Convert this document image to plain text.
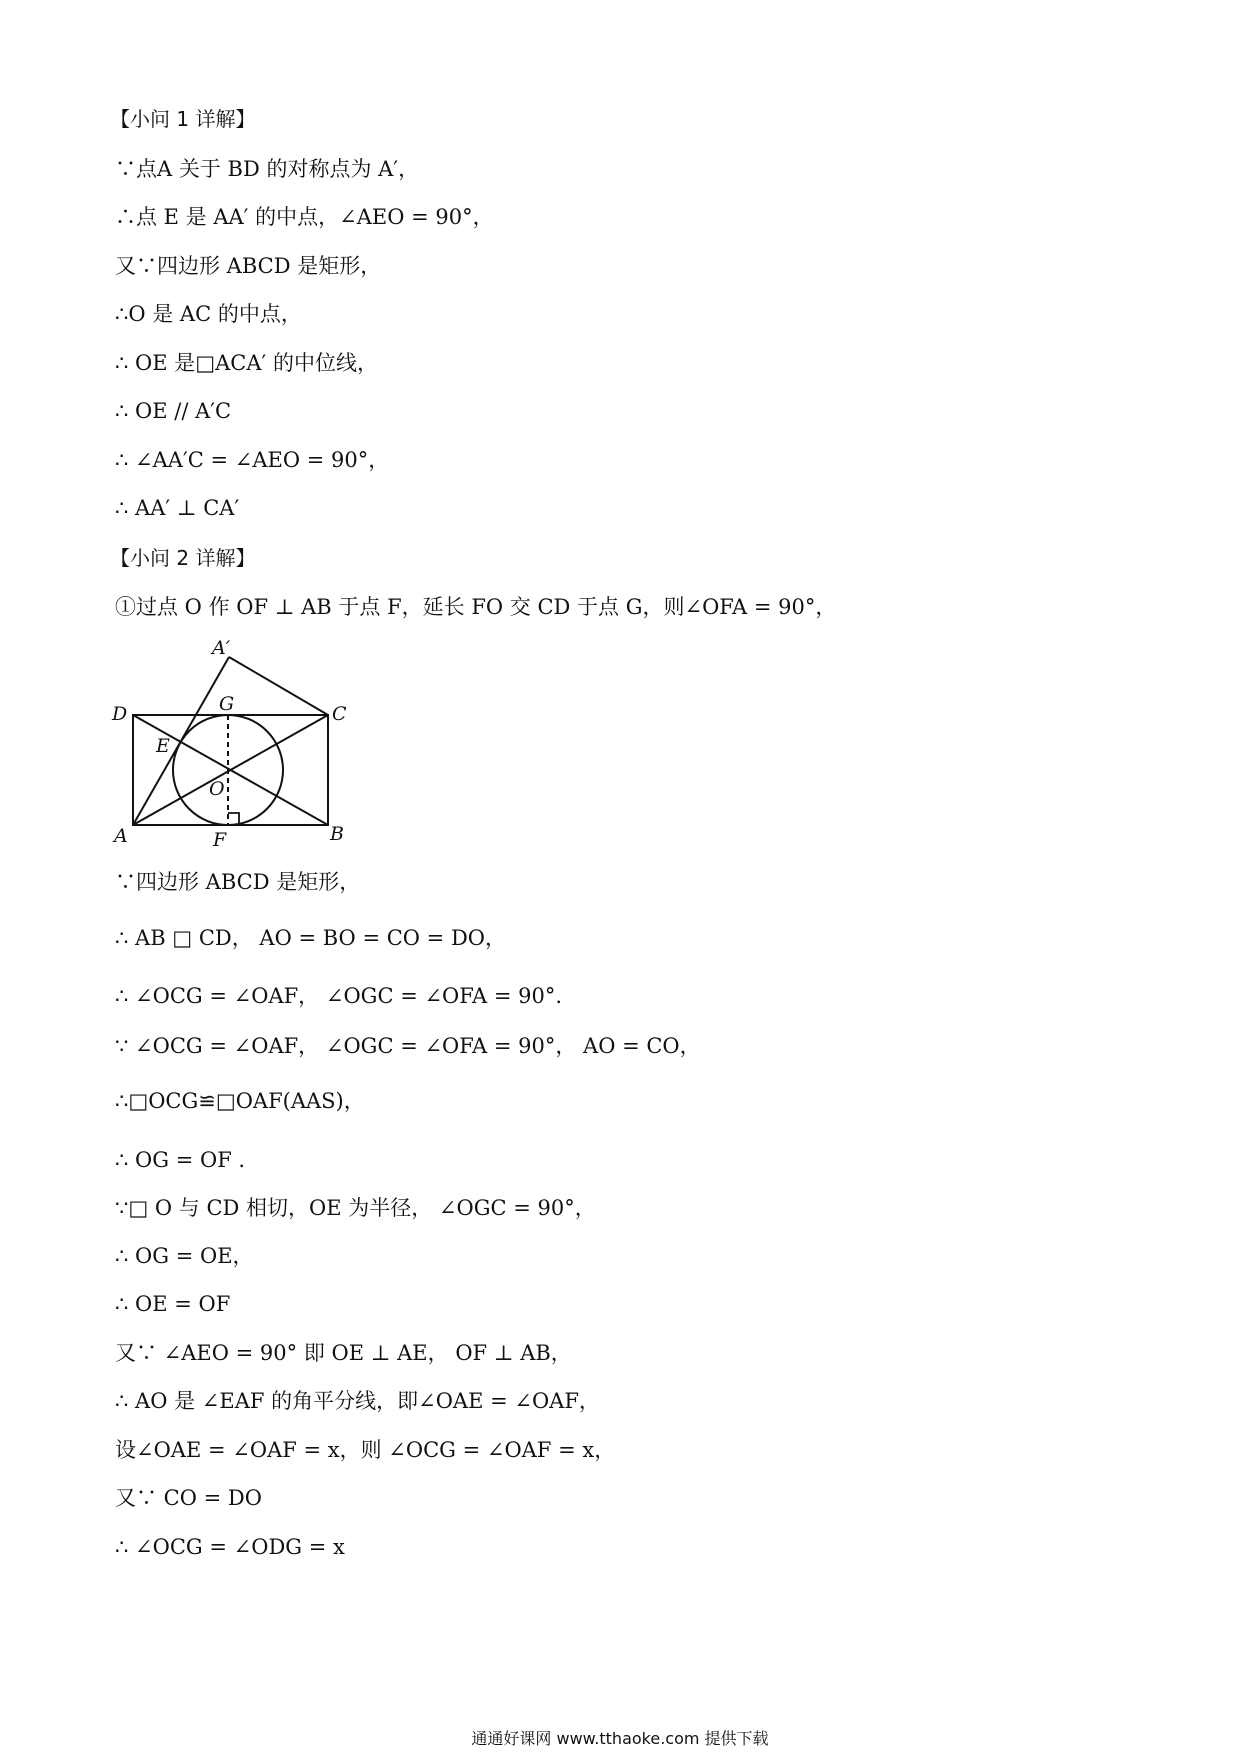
【小问 1 详解】
∵点A 关于 BD 的对称点为 A′，
∴点 E 是 AA′ 的中点，∠AEO = 90°，
又∵四边形 ABCD 是矩形，
∴O 是 AC 的中点，
∴ OE 是□ACA′ 的中位线，
∴ OE // A′C
∴ ∠AA′C = ∠AEO = 90°，
∴ AA′ ⊥ CA′
【小问 2 详解】
①过点 O 作 OF ⊥ AB 于点 F，延长 FO 交 CD 于点 G，则∠OFA = 90°，
A′
D	G	C
E
O
A	F	B
∵四边形 ABCD 是矩形，
∴ AB □ CD， AO = BO = CO = DO，
∴ ∠OCG = ∠OAF， ∠OGC = ∠OFA = 90°.
∵ ∠OCG = ∠OAF， ∠OGC = ∠OFA = 90°， AO = CO，
∴□OCG≌□OAF(AAS)，
∴ OG = OF .
∵□ O 与 CD 相切，OE 为半径， ∠OGC = 90°，
∴ OG = OE，
∴ OE = OF
又∵ ∠AEO = 90° 即 OE ⊥ AE， OF ⊥ AB，
∴ AO 是 ∠EAF 的角平分线，即∠OAE = ∠OAF，
设∠OAE = ∠OAF = x，则 ∠OCG = ∠OAF = x，
又∵ CO = DO
∴ ∠OCG = ∠ODG = x
通通好课网 www.tthaoke.com 提供下载
